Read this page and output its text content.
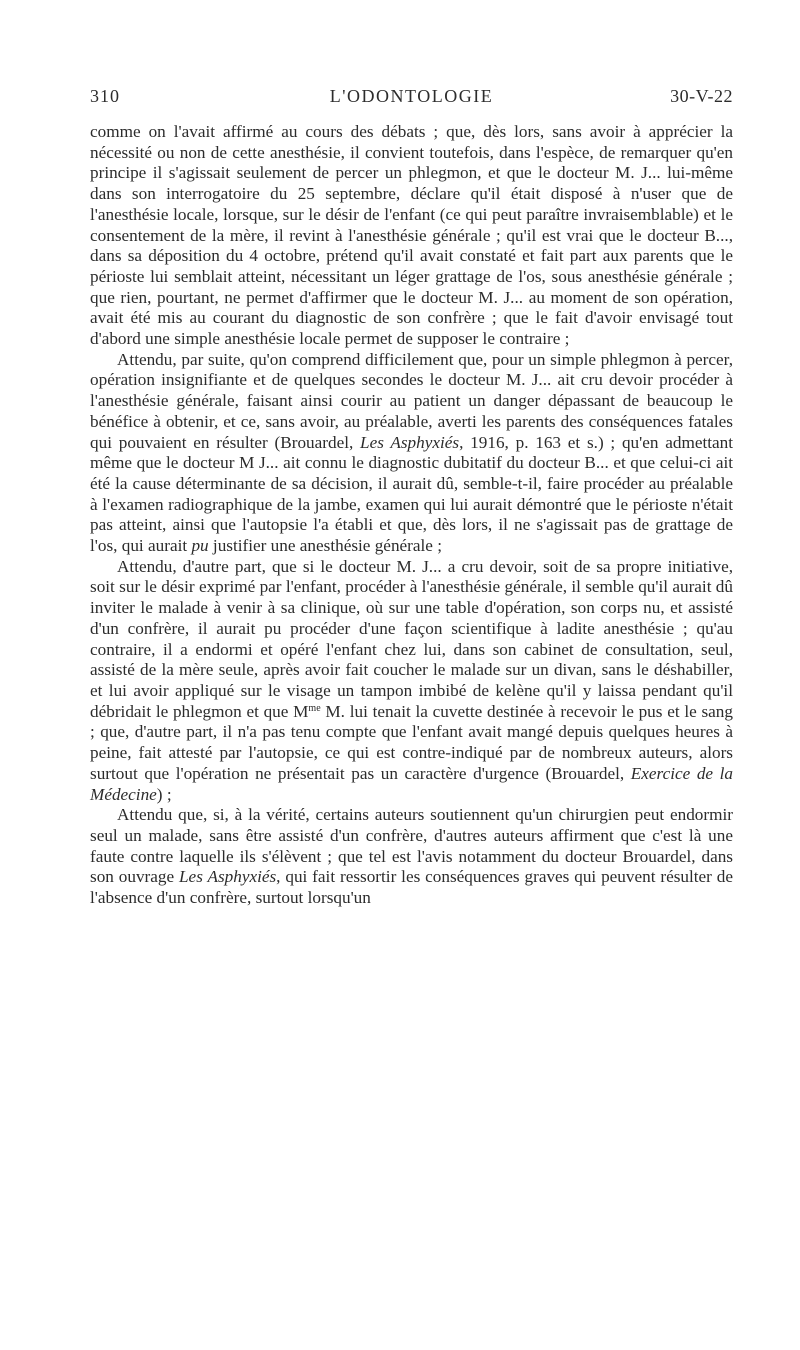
310	L'ODONTOLOGIE	30-V-22

comme on l'avait affirmé au cours des débats ; que, dès lors, sans avoir à apprécier la nécessité ou non de cette anesthésie, il convient toutefois, dans l'espèce, de remarquer qu'en principe il s'agissait seulement de percer un phlegmon, et que le docteur M. J... lui-même dans son interrogatoire du 25 septembre, déclare qu'il était disposé à n'user que de l'anesthésie locale, lorsque, sur le désir de l'enfant (ce qui peut paraître invraisemblable) et le consentement de la mère, il revint à l'anesthésie générale ; qu'il est vrai que le docteur B..., dans sa déposition du 4 octobre, prétend qu'il avait constaté et fait part aux parents que le périoste lui semblait atteint, nécessitant un léger grattage de l'os, sous anesthésie générale ; que rien, pourtant, ne permet d'affirmer que le docteur M. J... au moment de son opération, avait été mis au courant du diagnostic de son confrère ; que le fait d'avoir envisagé tout d'abord une simple anesthésie locale permet de supposer le contraire ;

Attendu, par suite, qu'on comprend difficilement que, pour un simple phlegmon à percer, opération insignifiante et de quelques secondes le docteur M. J... ait cru devoir procéder à l'anesthésie générale, faisant ainsi courir au patient un danger dépassant de beaucoup le bénéfice à obtenir, et ce, sans avoir, au préalable, averti les parents des conséquences fatales qui pouvaient en résulter (Brouardel, Les Asphyxiés, 1916, p. 163 et s.) ; qu'en admettant même que le docteur M J... ait connu le diagnostic dubitatif du docteur B... et que celui-ci ait été la cause déterminante de sa décision, il aurait dû, semble-t-il, faire procéder au préalable à l'examen radiographique de la jambe, examen qui lui aurait démontré que le périoste n'était pas atteint, ainsi que l'autopsie l'a établi et que, dès lors, il ne s'agissait pas de grattage de l'os, qui aurait pu justifier une anesthésie générale ;

Attendu, d'autre part, que si le docteur M. J... a cru devoir, soit de sa propre initiative, soit sur le désir exprimé par l'enfant, procéder à l'anesthésie générale, il semble qu'il aurait dû inviter le malade à venir à sa clinique, où sur une table d'opération, son corps nu, et assisté d'un confrère, il aurait pu procéder d'une façon scientifique à ladite anesthésie ; qu'au contraire, il a endormi et opéré l'enfant chez lui, dans son cabinet de consultation, seul, assisté de la mère seule, après avoir fait coucher le malade sur un divan, sans le déshabiller, et lui avoir appliqué sur le visage un tampon imbibé de kelène qu'il y laissa pendant qu'il débridait le phlegmon et que $M^{me}$ M. lui tenait la cuvette destinée à recevoir le pus et le sang ; que, d'autre part, il n'a pas tenu compte que l'enfant avait mangé depuis quelques heures à peine, fait attesté par l'autopsie, ce qui est contre-indiqué par de nombreux auteurs, alors surtout que l'opération ne présentait pas un caractère d'urgence (Brouardel, Exercice de la Médecine) ;

Attendu que, si, à la vérité, certains auteurs soutiennent qu'un chirurgien peut endormir seul un malade, sans être assisté d'un confrère, d'autres auteurs affirment que c'est là une faute contre laquelle ils s'élèvent ; que tel est l'avis notamment du docteur Brouardel, dans son ouvrage Les Asphyxiés, qui fait ressortir les conséquences graves qui peuvent résulter de l'absence d'un confrère, surtout lorsqu'un
